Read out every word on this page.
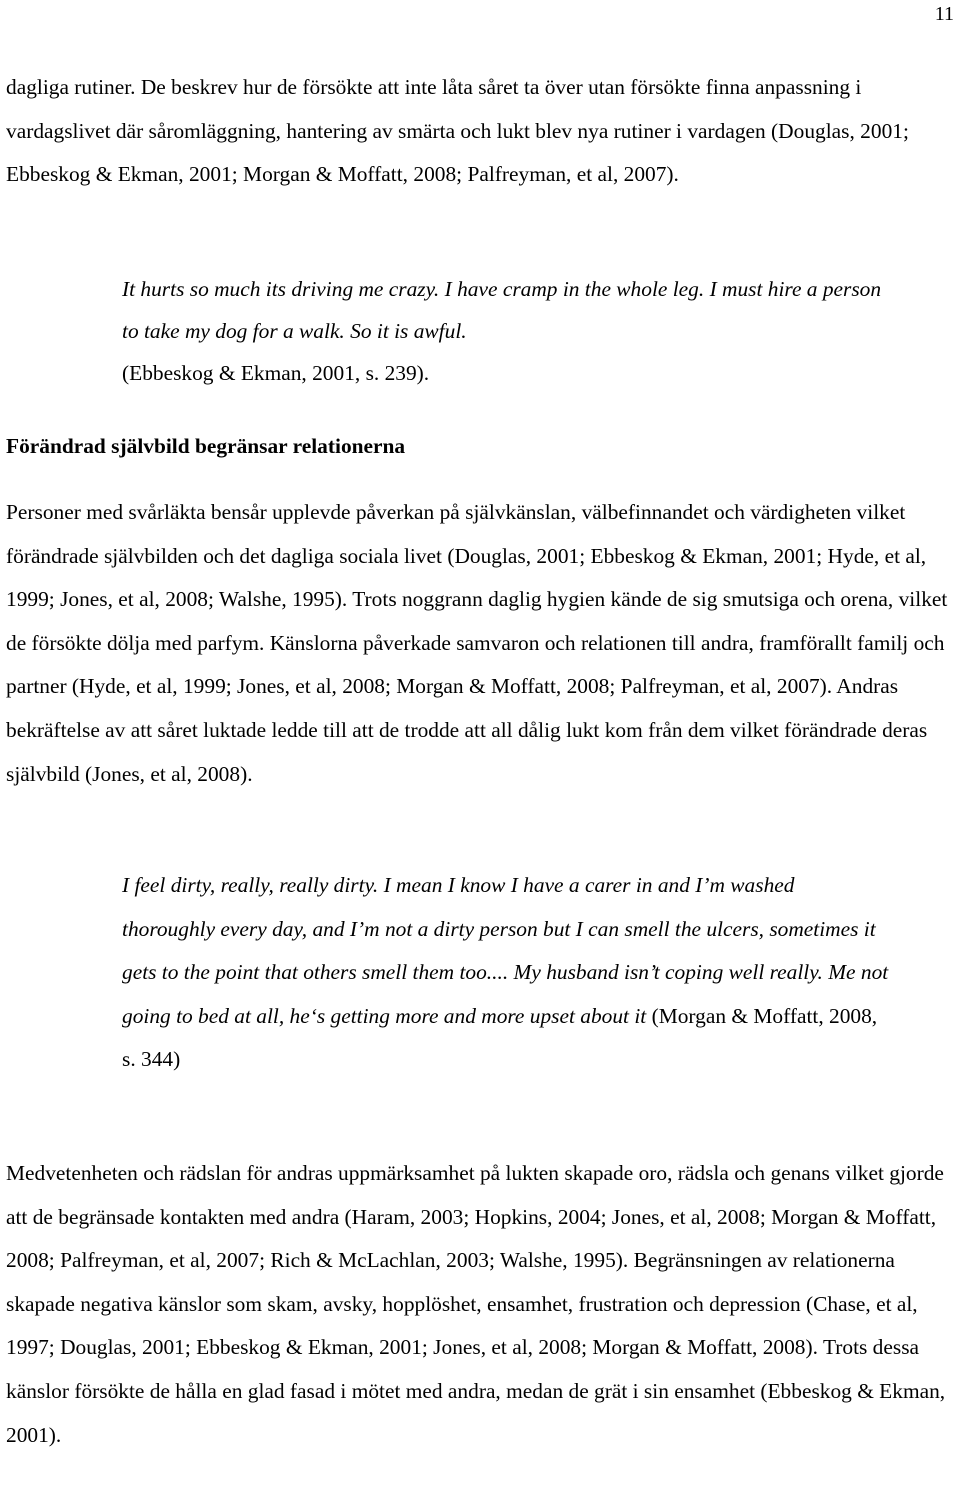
11

dagliga rutiner. De beskrev hur de försökte att inte låta såret ta över utan försökte finna anpassning i vardagslivet där såromläggning, hantering av smärta och lukt blev nya rutiner i vardagen (Douglas, 2001; Ebbeskog & Ekman, 2001; Morgan & Moffatt, 2008; Palfreyman, et al, 2007).

It hurts so much its driving me crazy. I have cramp in the whole leg. I must hire a person to take my dog for a walk. So it is awful.
(Ebbeskog & Ekman, 2001, s. 239).
Förändrad självbild begränsar relationerna

Personer med svårläkta bensår upplevde påverkan på självkänslan, välbefinnandet och värdigheten vilket förändrade självbilden och det dagliga sociala livet (Douglas, 2001; Ebbeskog & Ekman, 2001; Hyde, et al, 1999; Jones, et al, 2008; Walshe, 1995). Trots noggrann daglig hygien kände de sig smutsiga och orena, vilket de försökte dölja med parfym. Känslorna påverkade samvaron och relationen till andra, framförallt familj och partner (Hyde, et al, 1999; Jones, et al, 2008; Morgan & Moffatt, 2008; Palfreyman, et al, 2007). Andras bekräftelse av att såret luktade ledde till att de trodde att all dålig lukt kom från dem vilket förändrade deras självbild (Jones, et al, 2008).

I feel dirty, really, really dirty. I mean I know I have a carer in and I’m washed thoroughly every day, and I’m not a dirty person but I can smell the ulcers, sometimes it gets to the point that others smell them too.... My husband isn’t coping well really. Me not going to bed at all, he‘s getting more and more upset about it (Morgan & Moffatt, 2008, s. 344)

Medvetenheten och rädslan för andras uppmärksamhet på lukten skapade oro, rädsla och genans vilket gjorde att de begränsade kontakten med andra (Haram, 2003; Hopkins, 2004; Jones, et al, 2008; Morgan & Moffatt, 2008; Palfreyman, et al, 2007; Rich & McLachlan, 2003; Walshe, 1995). Begränsningen av relationerna skapade negativa känslor som skam, avsky, hopplöshet, ensamhet, frustration och depression (Chase, et al, 1997; Douglas, 2001; Ebbeskog & Ekman, 2001; Jones, et al, 2008; Morgan & Moffatt, 2008). Trots dessa känslor försökte de hålla en glad fasad i mötet med andra, medan de grät i sin ensamhet (Ebbeskog & Ekman, 2001).
